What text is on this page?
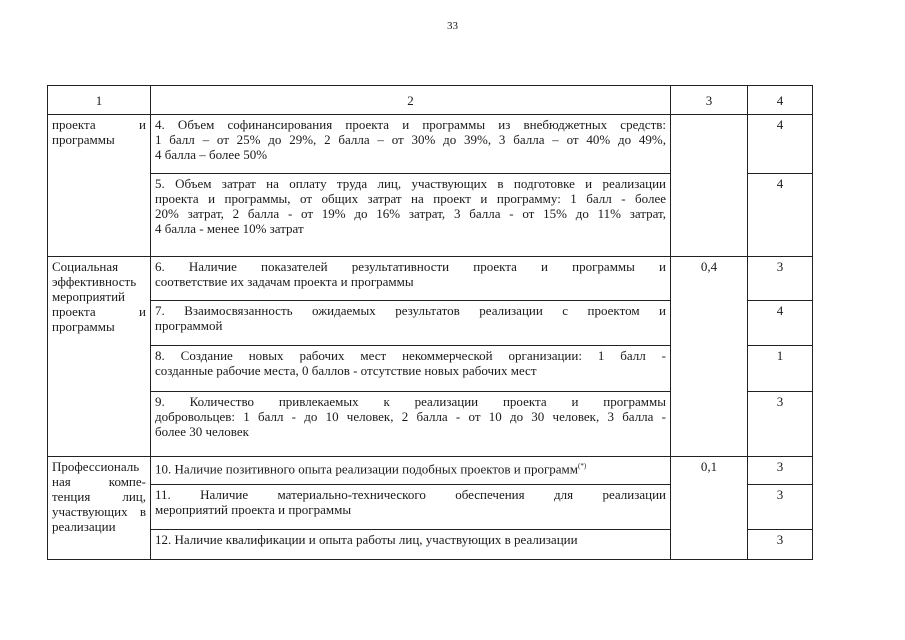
33
1	2	3	4

проекта и
программы	4. Объем софинансирования проекта и программы из внебюджетных средств:
1 балл – от 25% до 29%, 2 балла – от 30% до 39%, 3 балла – от 40% до 49%,
4 балла – более 50%		4

	5. Объем затрат на оплату труда лиц, участвующих в подготовке и реализации
проекта и программы, от общих затрат на проект и программу: 1 балл - более
20% затрат, 2 балла - от 19% до 16% затрат, 3 балла - от 15% до 11% затрат,
4 балла - менее 10% затрат		4

Социальная
эффективность
мероприятий
проекта и
программы	6. Наличие показателей результативности проекта и программы и
соответствие их задачам проекта и программы	0,4	3

	7. Взаимосвязанность ожидаемых результатов реализации с проектом и
программой		4

	8. Создание новых рабочих мест некоммерческой организации: 1 балл -
созданные рабочие места, 0 баллов - отсутствие новых рабочих мест		1

	9. Количество привлекаемых к реализации проекта и программы
добровольцев: 1 балл - до 10 человек, 2 балла - от 10 до 30 человек, 3 балла -
более 30 человек		3

Профессиональ
ная компе-
тенция лиц,
участвующих в
реализации	10. Наличие позитивного опыта реализации подобных проектов и программ(*)	0,1	3

	11. Наличие материально-технического обеспечения для реализации
мероприятий проекта и программы		3

	12. Наличие квалификации и опыта работы лиц, участвующих в реализации		3
